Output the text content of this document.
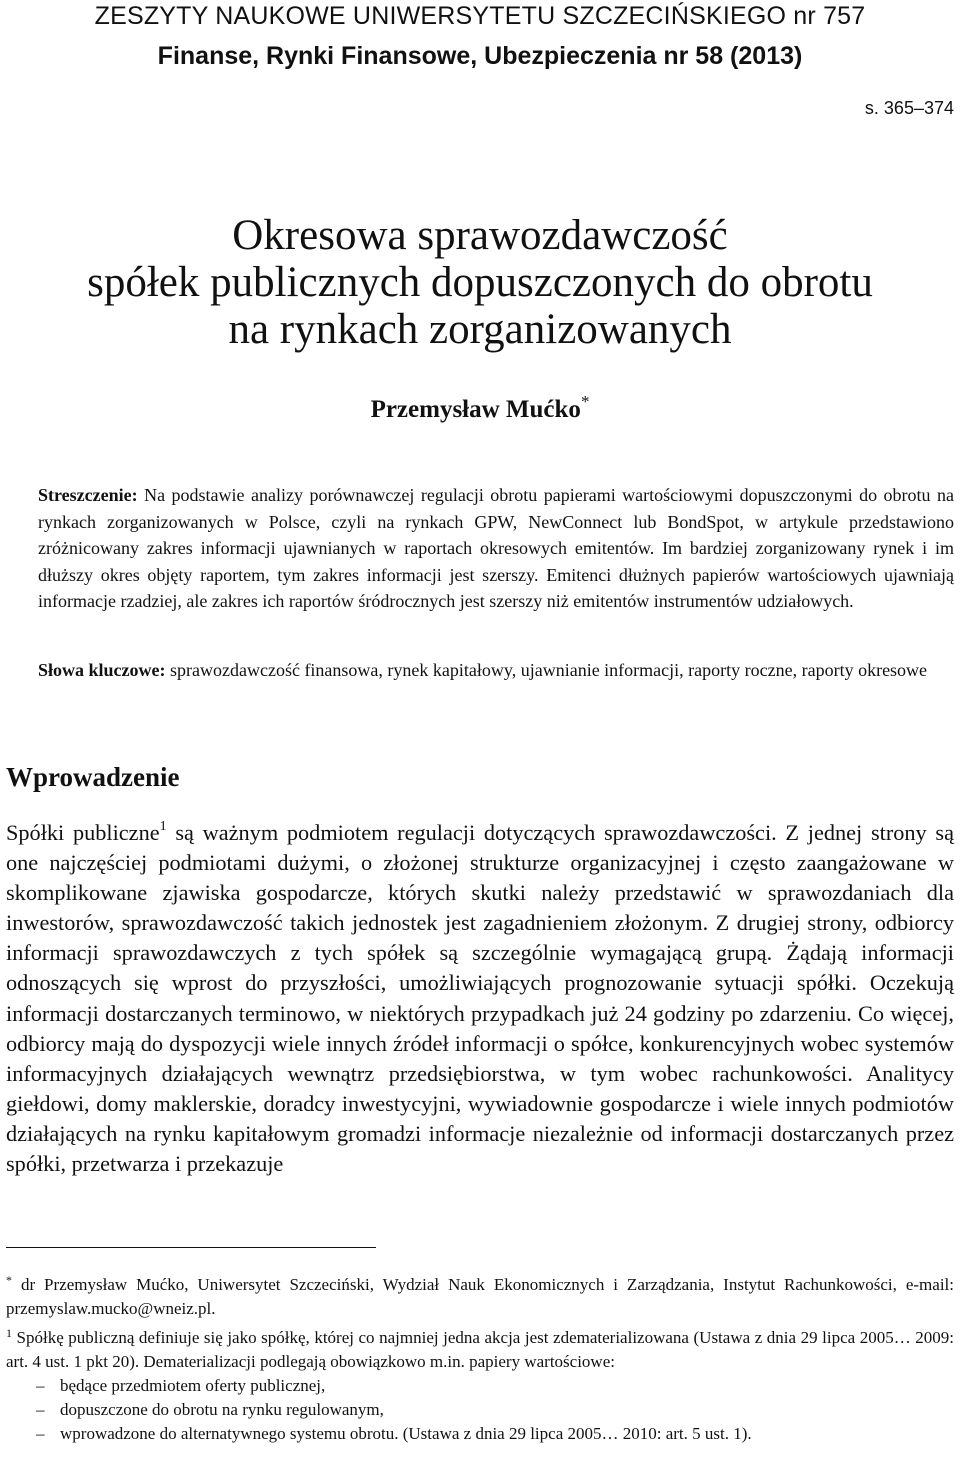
ZESZYTY NAUKOWE UNIWERSYTETU SZCZECIŃSKIEGO nr 757
Finanse, Rynki Finansowe, Ubezpieczenia nr 58 (2013)
s. 365–374
Okresowa sprawozdawczość
spółek publicznych dopuszczonych do obrotu
na rynkach zorganizowanych
Przemysław Mućko*
Streszczenie: Na podstawie analizy porównawczej regulacji obrotu papierami wartościowymi dopuszczonymi do obrotu na rynkach zorganizowanych w Polsce, czyli na rynkach GPW, NewConnect lub BondSpot, w artykule przedstawiono zróżnicowany zakres informacji ujawnianych w raportach okresowych emitentów. Im bardziej zorganizowany rynek i im dłuższy okres objęty raportem, tym zakres informacji jest szerszy. Emitenci dłużnych papierów wartościowych ujawniają informacje rzadziej, ale zakres ich raportów śródrocznych jest szerszy niż emitentów instrumentów udziałowych.
Słowa kluczowe: sprawozdawczość finansowa, rynek kapitałowy, ujawnianie informacji, raporty roczne, raporty okresowe
Wprowadzenie
Spółki publiczne$^1$ są ważnym podmiotem regulacji dotyczących sprawozdawczości. Z jednej strony są one najczęściej podmiotami dużymi, o złożonej strukturze organizacyjnej i często zaangażowane w skomplikowane zjawiska gospodarcze, których skutki należy przedstawić w sprawozdaniach dla inwestorów, sprawozdawczość takich jednostek jest zagadnieniem złożonym. Z drugiej strony, odbiorcy informacji sprawozdawczych z tych spółek są szczególnie wymagającą grupą. Żądają informacji odnoszących się wprost do przyszłości, umożliwiających prognozowanie sytuacji spółki. Oczekują informacji dostarczanych terminowo, w niektórych przypadkach już 24 godziny po zdarzeniu. Co więcej, odbiorcy mają do dyspozycji wiele innych źródeł informacji o spółce, konkurencyjnych wobec systemów informacyjnych działających wewnątrz przedsiębiorstwa, w tym wobec rachunkowości. Analitycy giełdowi, domy maklerskie, doradcy inwestycyjni, wywiadownie gospodarcze i wiele innych podmiotów działających na rynku kapitałowym gromadzi informacje niezależnie od informacji dostarczanych przez spółki, przetwarza i przekazuje

* dr Przemysław Mućko, Uniwersytet Szczeciński, Wydział Nauk Ekonomicznych i Zarządzania, Instytut Rachunkowości, e-mail: przemyslaw.mucko@wneiz.pl.

$^1$ Spółkę publiczną definiuje się jako spółkę, której co najmniej jedna akcja jest zdematerializowana (Ustawa z dnia 29 lipca 2005… 2009: art. 4 ust. 1 pkt 20). Dematerializacji podlegają obowiązkowo m.in. papiery wartościowe:

– będące przedmiotem oferty publicznej,
– dopuszczone do obrotu na rynku regulowanym,
– wprowadzone do alternatywnego systemu obrotu. (Ustawa z dnia 29 lipca 2005… 2010: art. 5 ust. 1).
